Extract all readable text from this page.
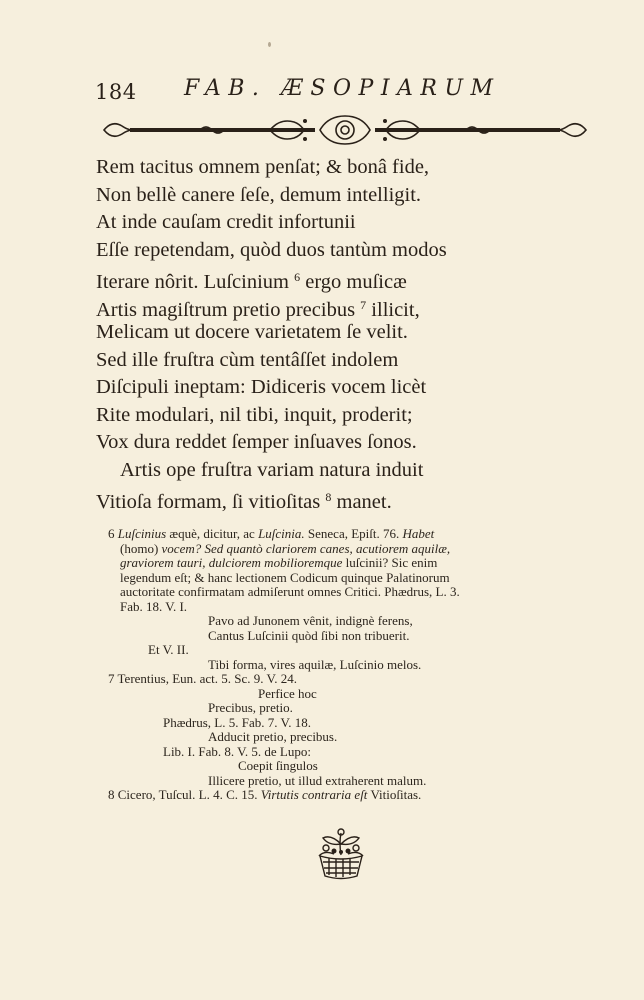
184 FAB. ÆSOPIARUM
Rem tacitus omnem penſat; & bonâ fide,
Non bellè canere ſeſe, demum intelligit.
At inde cauſam credit infortunii
Eſſe repetendam, quòd duos tantùm modos
Iterare nôrit. Luſcinium $^6$ ergo muſicæ
Artis magiſtrum pretio precibus $^7$ illicit,
Melicam ut docere varietatem ſe velit.
Sed ille fruſtra cùm tentâſſet indolem
Diſcipuli ineptam: Didiceris vocem licèt
Rite modulari, nil tibi, inquit, proderit;
Vox dura reddet ſemper inſuaves ſonos.
Artis ope fruſtra variam natura induit
Vitioſa formam, ſi vitioſitas $^8$ manet.
6 Luſcinius æquè, dicitur, ac Luſcinia. Seneca, Epiſt. 76. Habet
(homo) vocem? Sed quantò clariorem canes, acutiorem aquilæ,
graviorem tauri, dulciorem mobilioremque luſcinii? Sic enim
legendum eſt; & hanc lectionem Codicum quinque Palatinorum
auctoritate confirmatam admiſerunt omnes Critici. Phædrus, L. 3.
Fab. 18. V. I.
Pavo ad Junonem vênit, indignè ferens,
Cantus Luſcinii quòd ſibi non tribuerit.
Et V. II.
Tibi forma, vires aquilæ, Luſcinio melos.
7 Terentius, Eun. act. 5. Sc. 9. V. 24.
Perfice hoc
Precibus, pretio.
Phædrus, L. 5. Fab. 7. V. 18.
Adducit pretio, precibus.
Lib. I. Fab. 8. V. 5. de Lupo:
Coepit ſingulos
Illicere pretio, ut illud extraherent malum.
8 Cicero, Tuſcul. L. 4. C. 15. Virtutis contraria eſt Vitioſitas.
